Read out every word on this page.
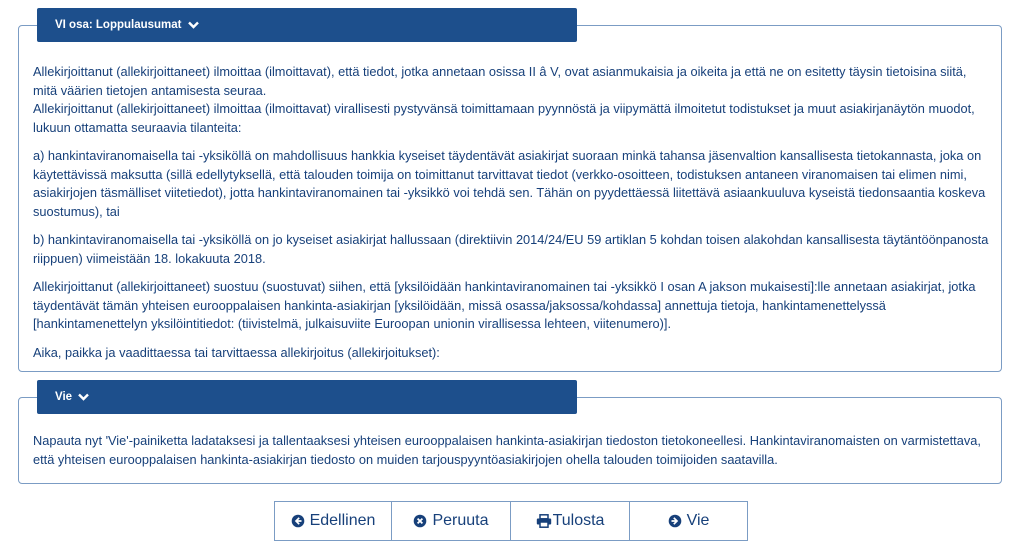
Allekirjoittanut (allekirjoittaneet) ilmoittaa (ilmoittavat), että tiedot, jotka annetaan osissa II â V, ovat asianmukaisia ja oikeita ja että ne on esitetty täysin tietoisina siitä, mitä väärien tietojen antamisesta seuraa.

Allekirjoittanut (allekirjoittaneet) ilmoittaa (ilmoittavat) virallisesti pystyvänsä toimittamaan pyynnöstä ja viipymättä ilmoitetut todistukset ja muut asiakirjanäytön muodot, lukuun ottamatta seuraavia tilanteita:

a) hankintaviranomaisella tai -yksiköllä on mahdollisuus hankkia kyseiset täydentävät asiakirjat suoraan minkä tahansa jäsenvaltion kansallisesta tietokannasta, joka on käytettävissä maksutta (sillä edellytyksellä, että talouden toimija on toimittanut tarvittavat tiedot (verkko-osoitteen, todistuksen antaneen viranomaisen tai elimen nimi, asiakirjojen täsmälliset viitetiedot), jotta hankintaviranomainen tai -yksikkö voi tehdä sen. Tähän on pyydettäessä liitettävä asiaankuuluva kyseistä tiedonsaantia koskeva suostumus), tai

b) hankintaviranomaisella tai -yksiköllä on jo kyseiset asiakirjat hallussaan (direktiivin 2014/24/EU 59 artiklan 5 kohdan toisen alakohdan kansallisesta täytäntöönpanosta riippuen) viimeistään 18. lokakuuta 2018.

Allekirjoittanut (allekirjoittaneet) suostuu (suostuvat) siihen, että [yksilöidään hankintaviranomainen tai -yksikkö I osan A jakson mukaisesti]:lle annetaan asiakirjat, jotka täydentävät tämän yhteisen eurooppalaisen hankinta-asiakirjan [yksilöidään, missä osassa/jaksossa/kohdassa] annettuja tietoja, hankintamenettelyssä [hankintamenettelyn yksilöintitiedot: (tiivistelmä, julkaisuviite Euroopan unionin virallisessa lehteen, viitenumero)].

Aika, paikka ja vaadittaessa tai tarvittaessa allekirjoitus (allekirjoitukset):

VI osa: Loppulausumat

Napauta nyt 'Vie'-painiketta ladataksesi ja tallentaaksesi yhteisen eurooppalaisen hankinta-asiakirjan tiedoston tietokoneellesi. Hankintaviranomaisten on varmistettava, että yhteisen eurooppalaisen hankinta-asiakirjan tiedosto on muiden tarjouspyyntöasiakirjojen ohella talouden toimijoiden saatavilla.

Vie
Edellinen	Peruuta	Tulosta	Vie
